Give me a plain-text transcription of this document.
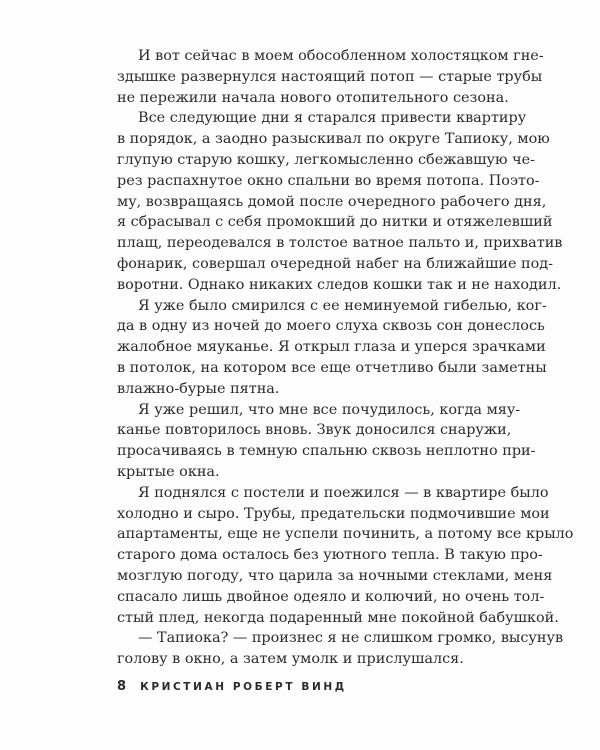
И вот сейчас в моем обособленном холостяцком гне-
здышке развернулся настоящий потоп — старые трубы
не пережили начала нового отопительного сезона.
Все следующие дни я старался привести квартиру
в порядок, а заодно разыскивал по округе Тапиоку, мою
глупую старую кошку, легкомысленно сбежавшую че-
рез распахнутое окно спальни во время потопа. Поэто-
му, возвращаясь домой после очередного рабочего дня,
я сбрасывал с себя промокший до нитки и отяжелевший
плащ, переодевался в толстое ватное пальто и, прихватив
фонарик, совершал очередной набег на ближайшие под-
воротни. Однако никаких следов кошки так и не находил.
Я уже было смирился с ее неминуемой гибелью, ког-
да в одну из ночей до моего слуха сквозь сон донеслось
жалобное мяуканье. Я открыл глаза и уперся зрачками
в потолок, на котором все еще отчетливо были заметны
влажно-бурые пятна.
Я уже решил, что мне все почудилось, когда мяу-
канье повторилось вновь. Звук доносился снаружи,
просачиваясь в темную спальню сквозь неплотно при-
крытые окна.
Я поднялся с постели и поежился — в квартире было
холодно и сыро. Трубы, предательски подмочившие мои
апартаменты, еще не успели починить, а потому все крыло
старого дома осталось без уютного тепла. В такую про-
мозглую погоду, что царила за ночными стеклами, меня
спасало лишь двойное одеяло и колючий, но очень тол-
стый плед, некогда подаренный мне покойной бабушкой.
— Тапиока? — произнес я не слишком громко, высунув
голову в окно, а затем умолк и прислушался.
8 КРИСТИАН РОБЕРТ ВИНД
